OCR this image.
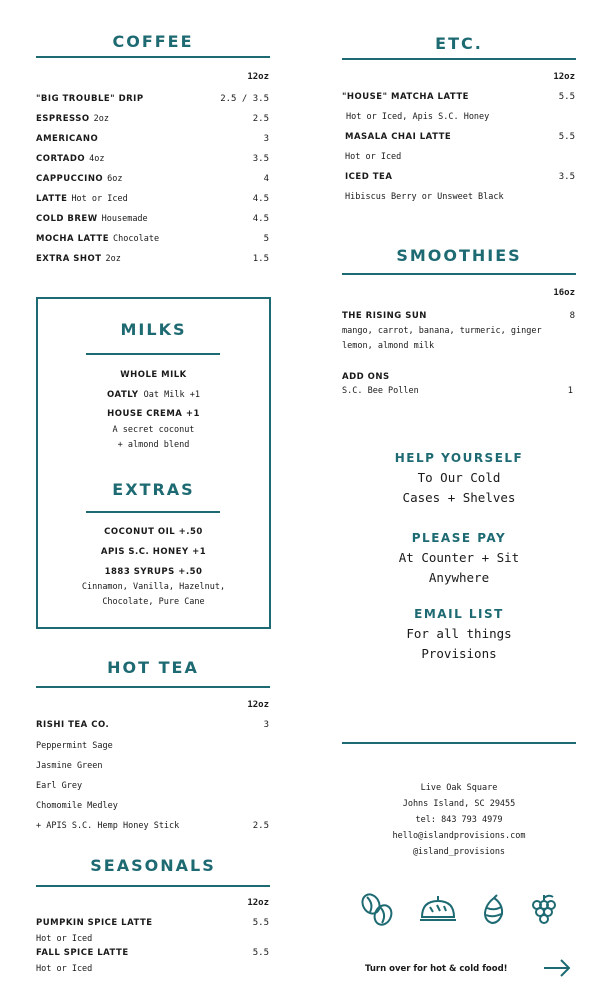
COFFEE
12oz
"BIG TROUBLE" DRIP	2.5 / 3.5
ESPRESSO 2oz	2.5
AMERICANO	3
CORTADO 4oz	3.5
CAPPUCCINO 6oz	4
LATTE Hot or Iced	4.5
COLD BREW Housemade	4.5
MOCHA LATTE Chocolate	5
EXTRA SHOT 2oz	1.5
MILKS
WHOLE MILK
OATLY Oat Milk +1
HOUSE CREMA +1
A secret coconut
+ almond blend
EXTRAS
COCONUT OIL +.50
APIS S.C. HONEY +1
1883 SYRUPS +.50
Cinnamon, Vanilla, Hazelnut,
Chocolate, Pure Cane
HOT TEA
12oz
RISHI TEA CO.	3
Peppermint Sage
Jasmine Green
Earl Grey
Chomomile Medley
+ APIS S.C. Hemp Honey Stick	2.5
SEASONALS
12oz
PUMPKIN SPICE LATTE	5.5
Hot or Iced
FALL SPICE LATTE	5.5
Hot or Iced
ETC.
12oz
"HOUSE" MATCHA LATTE	5.5
Hot or Iced, Apis S.C. Honey
MASALA CHAI LATTE	5.5
Hot or Iced
ICED TEA	3.5
Hibiscus Berry or Unsweet Black
SMOOTHIES
16oz
THE RISING SUN	8
mango, carrot, banana, turmeric, ginger
lemon, almond milk
ADD ONS
S.C. Bee Pollen	1
HELP YOURSELF
To Our Cold
Cases + Shelves
PLEASE PAY
At Counter + Sit
Anywhere
EMAIL LIST
For all things
Provisions
Live Oak Square
Johns Island, SC 29455
tel: 843 793 4979
hello@islandprovisions.com
@island_provisions
Turn over for hot & cold food!
